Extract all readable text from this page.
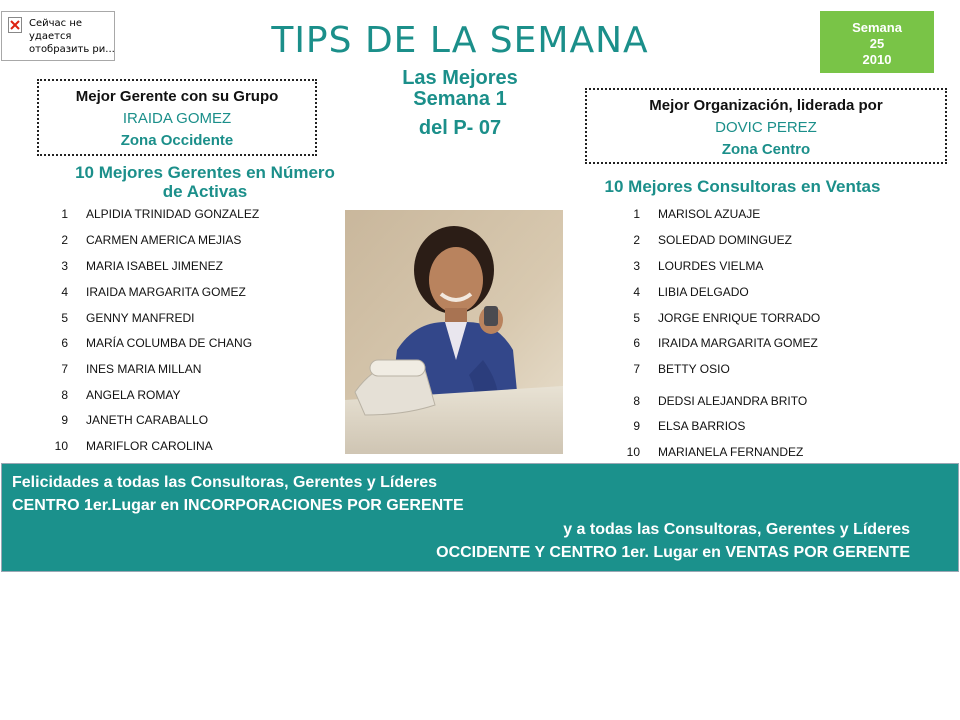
Сейчас не
удается
отобразить ри...	TIPS DE LA SEMANA	Semana
25
2010
Las Mejores
Semana 1
del P- 07
Mejor Gerente con su Grupo
IRAIDA GOMEZ
Zona Occidente
Mejor Organización, liderada por
DOVIC PEREZ
Zona Centro
10 Mejores Gerentes en Número
de Activas	10 Mejores Consultoras en Ventas
1 ALPIDIA TRINIDAD GONZALEZ
2 CARMEN AMERICA MEJIAS
3 MARIA ISABEL JIMENEZ
4 IRAIDA MARGARITA GOMEZ
5 GENNY MANFREDI
6 MARÍA COLUMBA DE CHANG
7 INES MARIA MILLAN
8 ANGELA ROMAY
9 JANETH CARABALLO
10 MARIFLOR CAROLINA
1 MARISOL AZUAJE
2 SOLEDAD DOMINGUEZ
3 LOURDES VIELMA
4 LIBIA DELGADO
5 JORGE ENRIQUE TORRADO
6 IRAIDA MARGARITA GOMEZ
7 BETTY OSIO
8 DEDSI ALEJANDRA BRITO
9 ELSA BARRIOS
10 MARIANELA FERNANDEZ
Felicidades a todas las Consultoras, Gerentes y Líderes
CENTRO 1er.Lugar en INCORPORACIONES POR GERENTE
y a todas las Consultoras, Gerentes y Líderes
OCCIDENTE Y CENTRO 1er. Lugar en VENTAS POR GERENTE
